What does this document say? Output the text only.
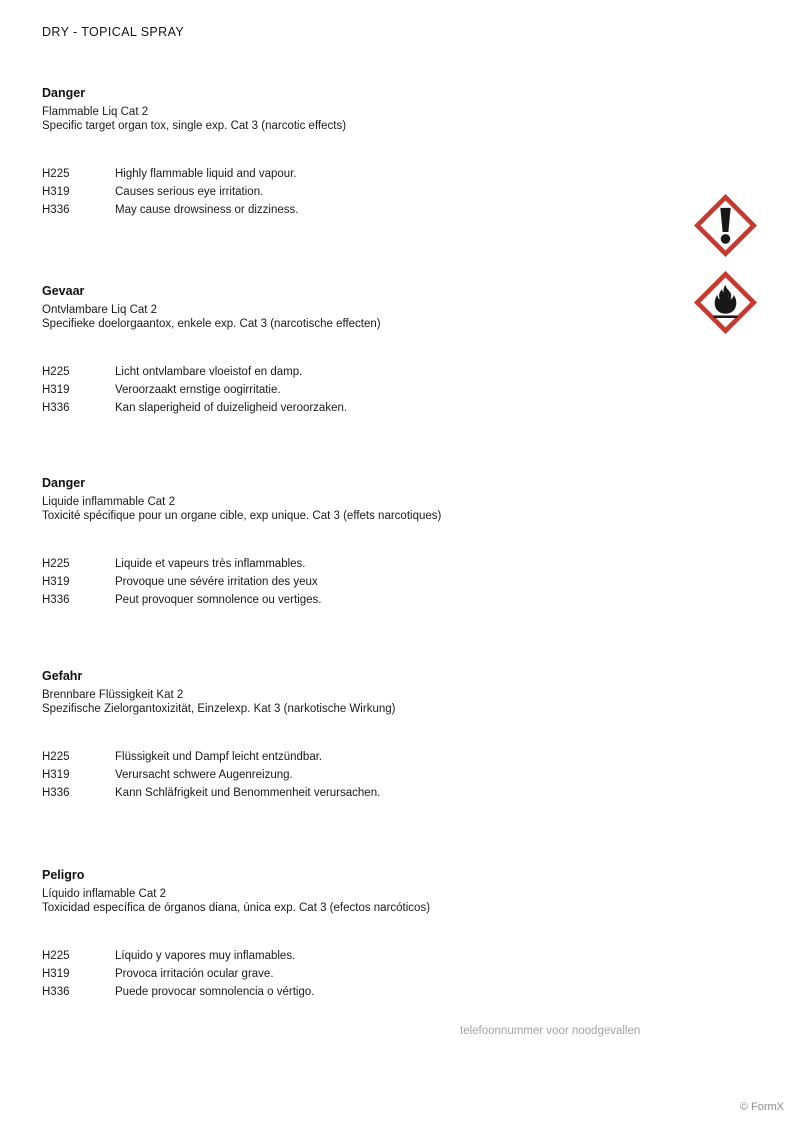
DRY - TOPICAL SPRAY
Danger

Flammable Liq Cat 2

Specific target organ tox, single exp. Cat 3 (narcotic effects)

H225	Highly flammable liquid and vapour.
H319	Causes serious eye irritation.
H336	May cause drowsiness or dizziness.
Gevaar

Ontvlambare Liq Cat 2

Specifieke doelorgaantox, enkele exp. Cat 3 (narcotische effecten)

H225	Licht ontvlambare vloeistof en damp.
H319	Veroorzaakt ernstige oogirritatie.
H336	Kan slaperigheid of duizeligheid veroorzaken.
Danger

Liquide inflammable Cat 2

Toxicité spécifique pour un organe cible, exp unique. Cat 3 (effets narcotiques)

H225	Liquide et vapeurs très inflammables.
H319	Provoque une sévére irritation des yeux
H336	Peut provoquer somnolence ou vertiges.
Gefahr

Brennbare Flüssigkeit Kat 2

Spezifische Zielorgantoxizität, Einzelexp. Kat 3 (narkotische Wirkung)

H225	Flüssigkeit und Dampf leicht entzündbar.
H319	Verursacht schwere Augenreizung.
H336	Kann Schläfrigkeit und Benommenheit verursachen.
Peligro

Líquido inflamable Cat 2

Toxicidad específica de órganos diana, única exp. Cat 3 (efectos narcóticos)

H225	Líquido y vapores muy inflamables.
H319	Provoca irritación ocular grave.
H336	Puede provocar somnolencia o vértigo.
telefoonnummer voor noodgevallen
© FormX
